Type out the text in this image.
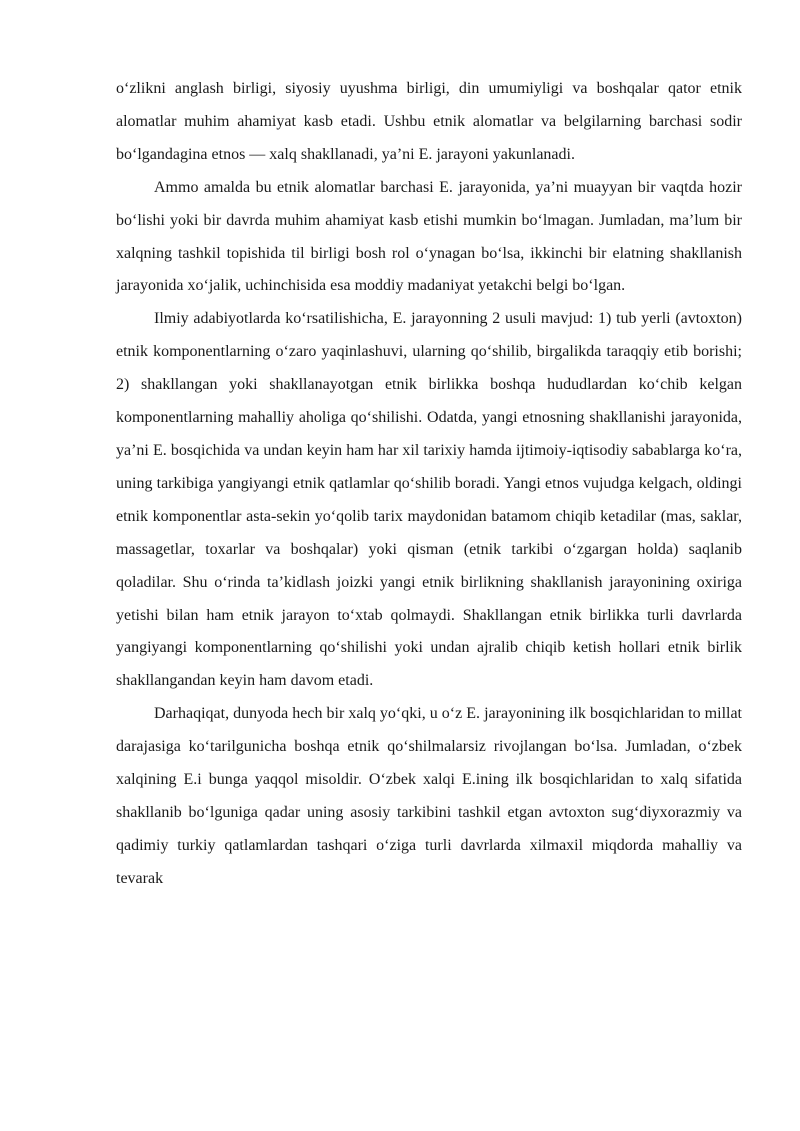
o‘zlikni anglash birligi, siyosiy uyushma birligi, din umumiyligi va boshqalar qator etnik alomatlar muhim ahamiyat kasb etadi. Ushbu etnik alomatlar va belgilarning barchasi sodir bo‘lgandagina etnos — xalq shakllanadi, ya’ni E. jarayoni yakunlanadi.

Ammo amalda bu etnik alomatlar barchasi E. jarayonida, ya’ni muayyan bir vaqtda hozir bo‘lishi yoki bir davrda muhim ahamiyat kasb etishi mumkin bo‘lmagan. Jumladan, ma’lum bir xalqning tashkil topishida til birligi bosh rol o‘ynagan bo‘lsa, ikkinchi bir elatning shakllanish jarayonida xo‘jalik, uchinchisida esa moddiy madaniyat yetakchi belgi bo‘lgan.

Ilmiy adabiyotlarda ko‘rsatilishicha, E. jarayonning 2 usuli mavjud: 1) tub yerli (avtoxton) etnik komponentlarning o‘zaro yaqinlashuvi, ularning qo‘shilib, birgalikda taraqqiy etib borishi; 2) shakllangan yoki shakllanayotgan etnik birlikka boshqa hududlardan ko‘chib kelgan komponentlarning mahalliy aholiga qo‘shilishi. Odatda, yangi etnosning shakllanishi jarayonida, ya’ni E. bosqichida va undan keyin ham har xil tarixiy hamda ijtimoiy-iqtisodiy sabablarga ko‘ra, uning tarkibiga yangiyangi etnik qatlamlar qo‘shilib boradi. Yangi etnos vujudga kelgach, oldingi etnik komponentlar asta-sekin yo‘qolib tarix maydonidan batamom chiqib ketadilar (mas, saklar, massagetlar, toxarlar va boshqalar) yoki qisman (etnik tarkibi o‘zgargan holda) saqlanib qoladilar. Shu o‘rinda ta’kidlash joizki yangi etnik birlikning shakllanish jarayonining oxiriga yetishi bilan ham etnik jarayon to‘xtab qolmaydi. Shakllangan etnik birlikka turli davrlarda yangiyangi komponentlarning qo‘shilishi yoki undan ajralib chiqib ketish hollari etnik birlik shakllangandan keyin ham davom etadi.

Darhaqiqat, dunyoda hech bir xalq yo‘qki, u o‘z E. jarayonining ilk bosqichlaridan to millat darajasiga ko‘tarilgunicha boshqa etnik qo‘shilmalarsiz rivojlangan bo‘lsa. Jumladan, o‘zbek xalqining E.i bunga yaqqol misoldir. O‘zbek xalqi E.ining ilk bosqichlaridan to xalq sifatida shakllanib bo‘lguniga qadar uning asosiy tarkibini tashkil etgan avtoxton sug‘diyxorazmiy va qadimiy turkiy qatlamlardan tashqari o‘ziga turli davrlarda xilmaxil miqdorda mahalliy va tevarak
